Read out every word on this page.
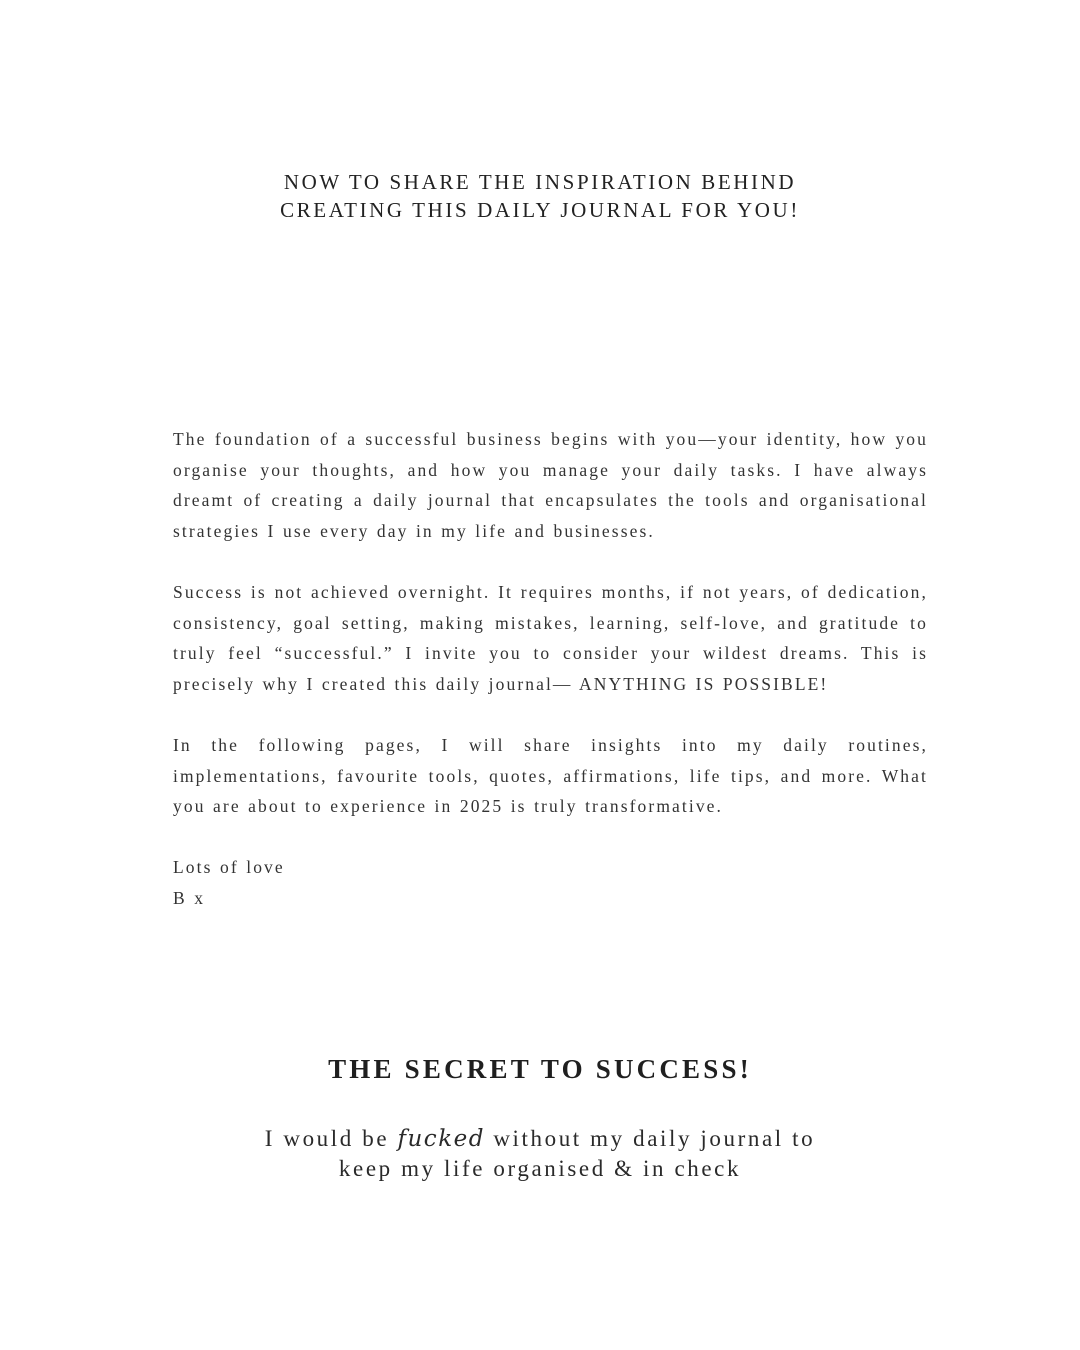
NOW TO SHARE THE INSPIRATION BEHIND
CREATING THIS DAILY JOURNAL FOR YOU!

The foundation of a successful business begins with you—your identity, how you organise your thoughts, and how you manage your daily tasks. I have always dreamt of creating a daily journal that encapsulates the tools and organisational strategies I use every day in my life and businesses.

Success is not achieved overnight. It requires months, if not years, of dedication, consistency, goal setting, making mistakes, learning, self-love, and gratitude to truly feel “successful.” I invite you to consider your wildest dreams. This is precisely why I created this daily journal— ANYTHING IS POSSIBLE!

In the following pages, I will share insights into my daily routines, implementations, favourite tools, quotes, affirmations, life tips, and more. What you are about to experience in 2025 is truly transformative.

Lots of love
B x

THE SECRET TO SUCCESS!
I would be fucked without my daily journal to
keep my life organised & in check
